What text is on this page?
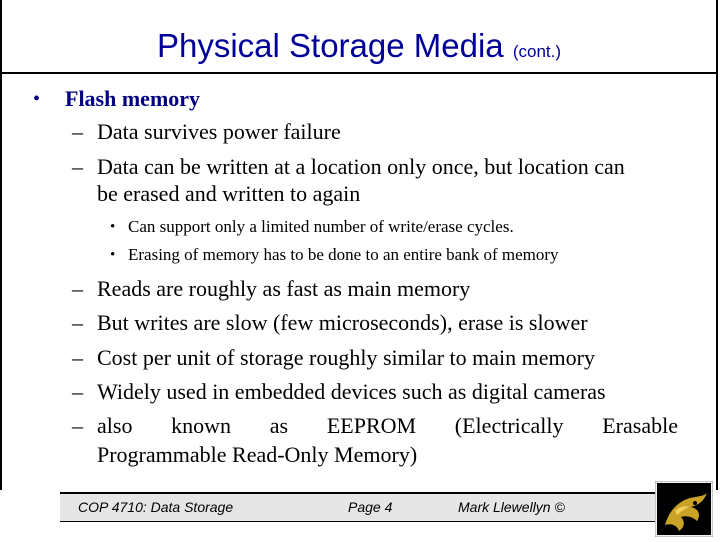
Physical Storage Media (cont.)
• Flash memory
– Data survives power failure
– Data can be written at a location only once, but location can
be erased and written to again
• Can support only a limited number of write/erase cycles.
• Erasing of memory has to be done to an entire bank of memory
– Reads are roughly as fast as main memory
– But writes are slow (few microseconds), erase is slower
– Cost per unit of storage roughly similar to main memory
– Widely used in embedded devices such as digital cameras
– also known as EEPROM (Electrically Erasable
Programmable Read-Only Memory)
COP 4710: Data Storage	Page 4	Mark Llewellyn ©
